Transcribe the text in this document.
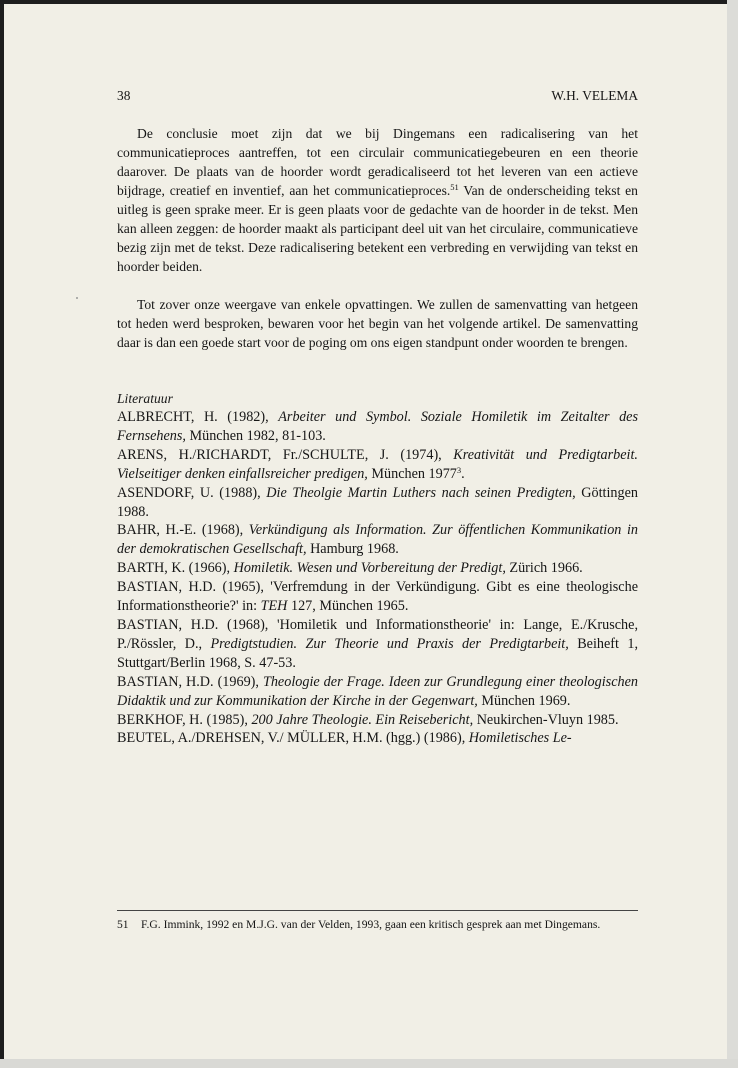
38	W.H. VELEMA

De conclusie moet zijn dat we bij Dingemans een radicalisering van het communicatieproces aantreffen, tot een circulair communicatiegebeuren en een theorie daarover. De plaats van de hoorder wordt geradicaliseerd tot het leveren van een actieve bijdrage, creatief en inventief, aan het communicatieproces.$^{51}$ Van de onderscheiding tekst en uitleg is geen sprake meer. Er is geen plaats voor de gedachte van de hoorder in de tekst. Men kan alleen zeggen: de hoorder maakt als participant deel uit van het circulaire, communicatieve bezig zijn met de tekst. Deze radicalisering betekent een verbreding en verwijding van tekst en hoorder beiden.

Tot zover onze weergave van enkele opvattingen. We zullen de samenvatting van hetgeen tot heden werd besproken, bewaren voor het begin van het volgende artikel. De samenvatting daar is dan een goede start voor de poging om ons eigen standpunt onder woorden te brengen.

Literatuur

ALBRECHT, H. (1982), Arbeiter und Symbol. Soziale Homiletik im Zeitalter des Fernsehens, München 1982, 81-103.

ARENS, H./RICHARDT, Fr./SCHULTE, J. (1974), Kreativität und Predigtarbeit. Vielseitiger denken einfallsreicher predigen, München 1977$^3$.

ASENDORF, U. (1988), Die Theolgie Martin Luthers nach seinen Predigten, Göttingen 1988.

BAHR, H.-E. (1968), Verkündigung als Information. Zur öffentlichen Kommunikation in der demokratischen Gesellschaft, Hamburg 1968.

BARTH, K. (1966), Homiletik. Wesen und Vorbereitung der Predigt, Zürich 1966.

BASTIAN, H.D. (1965), 'Verfremdung in der Verkündigung. Gibt es eine theologische Informationstheorie?' in: TEH 127, München 1965.

BASTIAN, H.D. (1968), 'Homiletik und Informationstheorie' in: Lange, E./Krusche, P./Rössler, D., Predigtstudien. Zur Theorie und Praxis der Predigtarbeit, Beiheft 1, Stuttgart/Berlin 1968, S. 47-53.

BASTIAN, H.D. (1969), Theologie der Frage. Ideen zur Grundlegung einer theologischen Didaktik und zur Kommunikation der Kirche in der Gegenwart, München 1969.

BERKHOF, H. (1985), 200 Jahre Theologie. Ein Reisebericht, Neukirchen-Vluyn 1985.

BEUTEL, A./DREHSEN, V./ MÜLLER, H.M. (hgg.) (1986), Homiletisches Le-

51	F.G. Immink, 1992 en M.J.G. van der Velden, 1993, gaan een kritisch gesprek aan met Dingemans.
